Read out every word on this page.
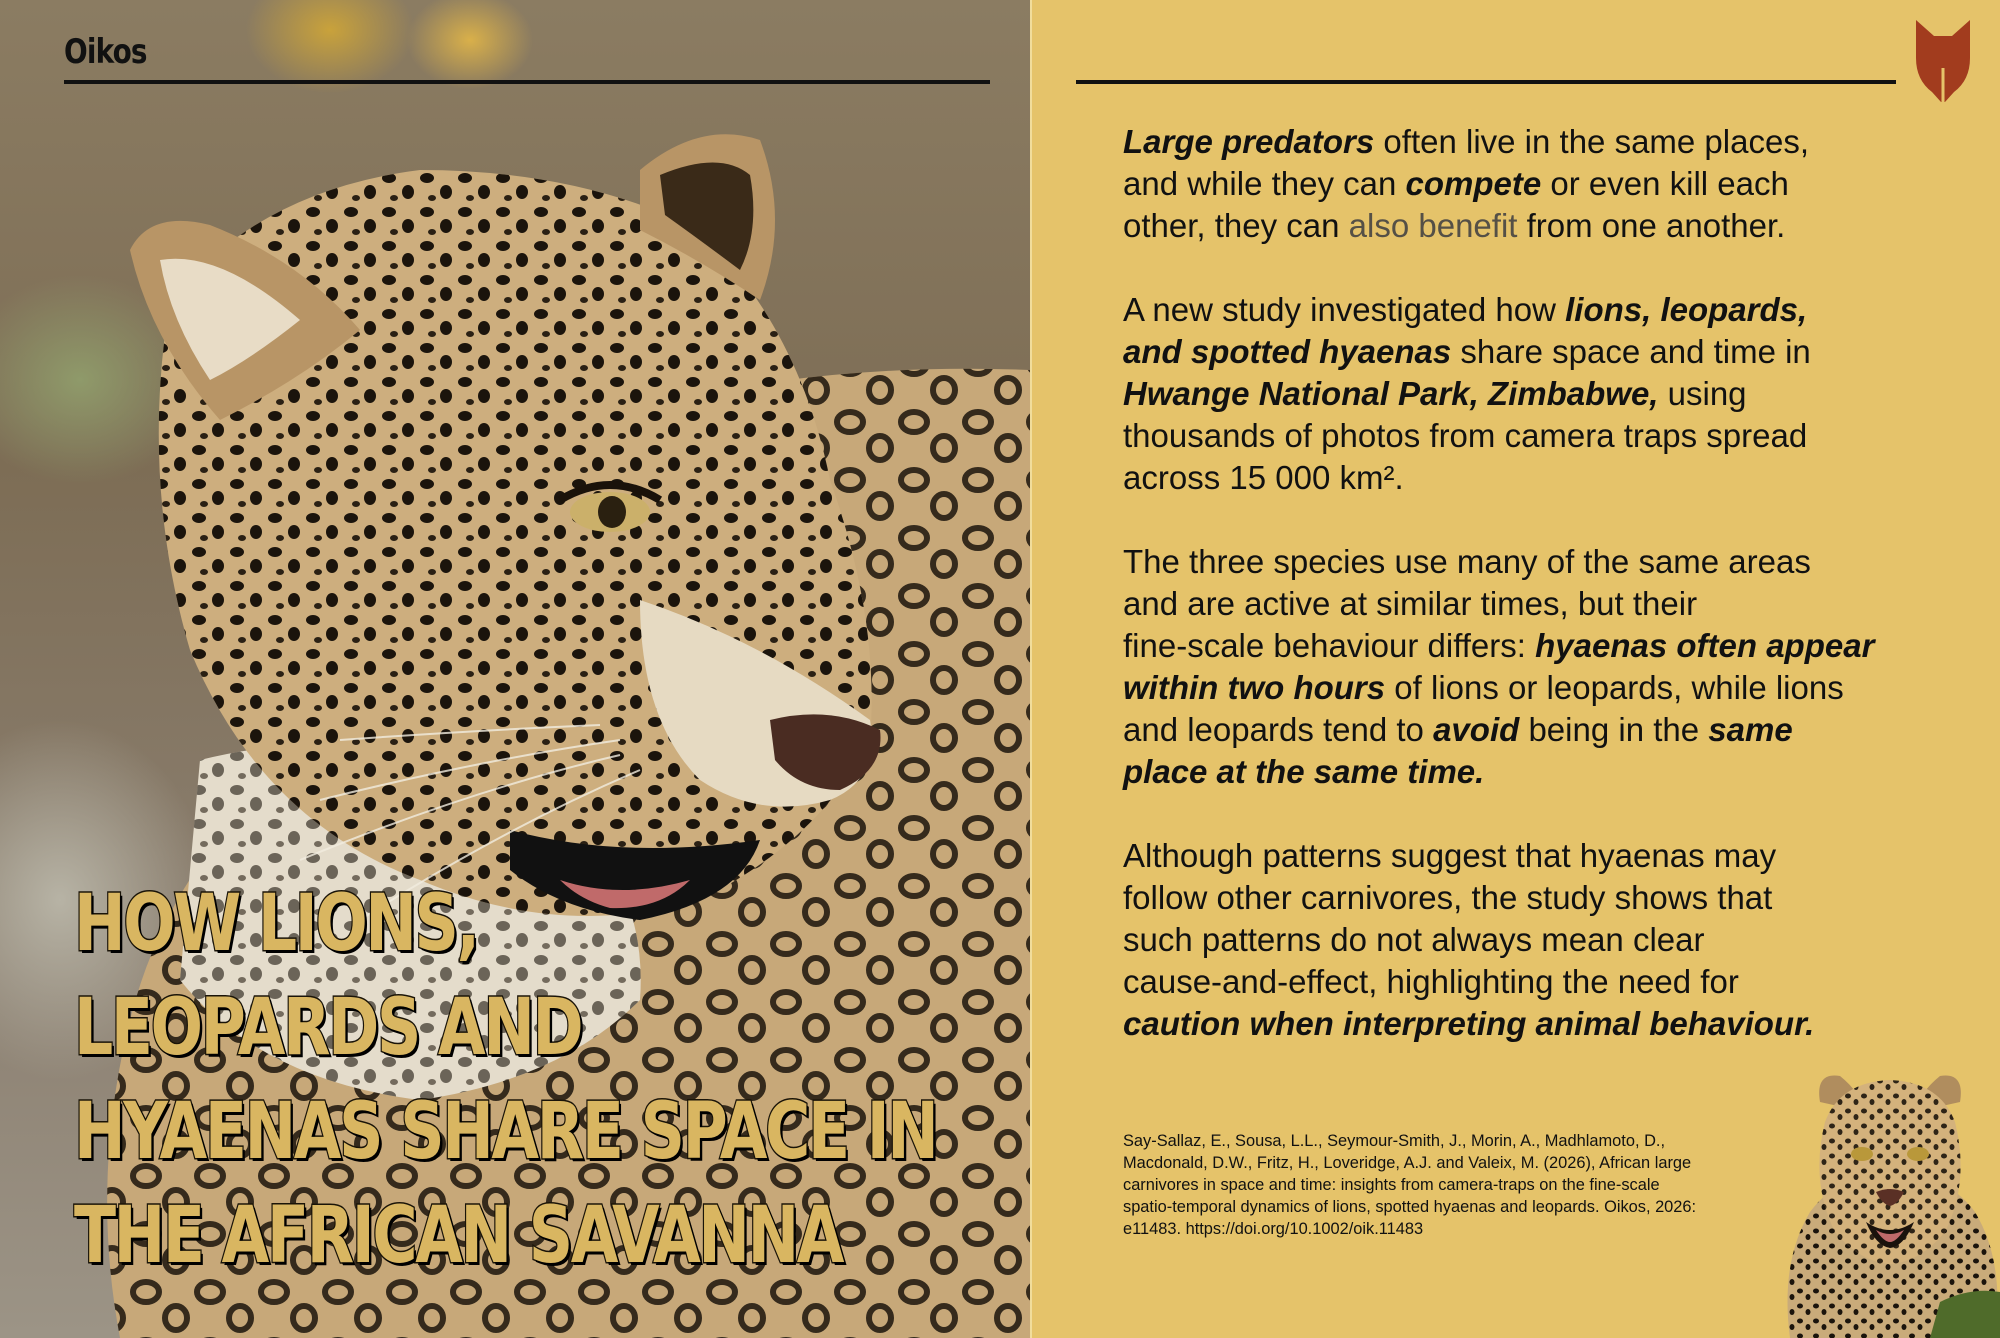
Oikos
HOW LIONS,
LEOPARDS AND
HYAENAS SHARE SPACE IN
THE AFRICAN SAVANNA

Large predators often live in the same places,
and while they can compete or even kill each
other, they can also benefit from one another.

A new study investigated how lions, leopards,
and spotted hyaenas share space and time in
Hwange National Park, Zimbabwe, using
thousands of photos from camera traps spread
across 15 000 km².

The three species use many of the same areas
and are active at similar times, but their
fine-scale behaviour differs: hyaenas often appear
within two hours of lions or leopards, while lions
and leopards tend to avoid being in the same
place at the same time.

Although patterns suggest that hyaenas may
follow other carnivores, the study shows that
such patterns do not always mean clear
cause-and-effect, highlighting the need for
caution when interpreting animal behaviour.

Say-Sallaz, E., Sousa, L.L., Seymour-Smith, J., Morin, A., Madhlamoto, D.,
Macdonald, D.W., Fritz, H., Loveridge, A.J. and Valeix, M. (2026), African large
carnivores in space and time: insights from camera-traps on the fine-scale
spatio-temporal dynamics of lions, spotted hyaenas and leopards. Oikos, 2026:
e11483. https://doi.org/10.1002/oik.11483
